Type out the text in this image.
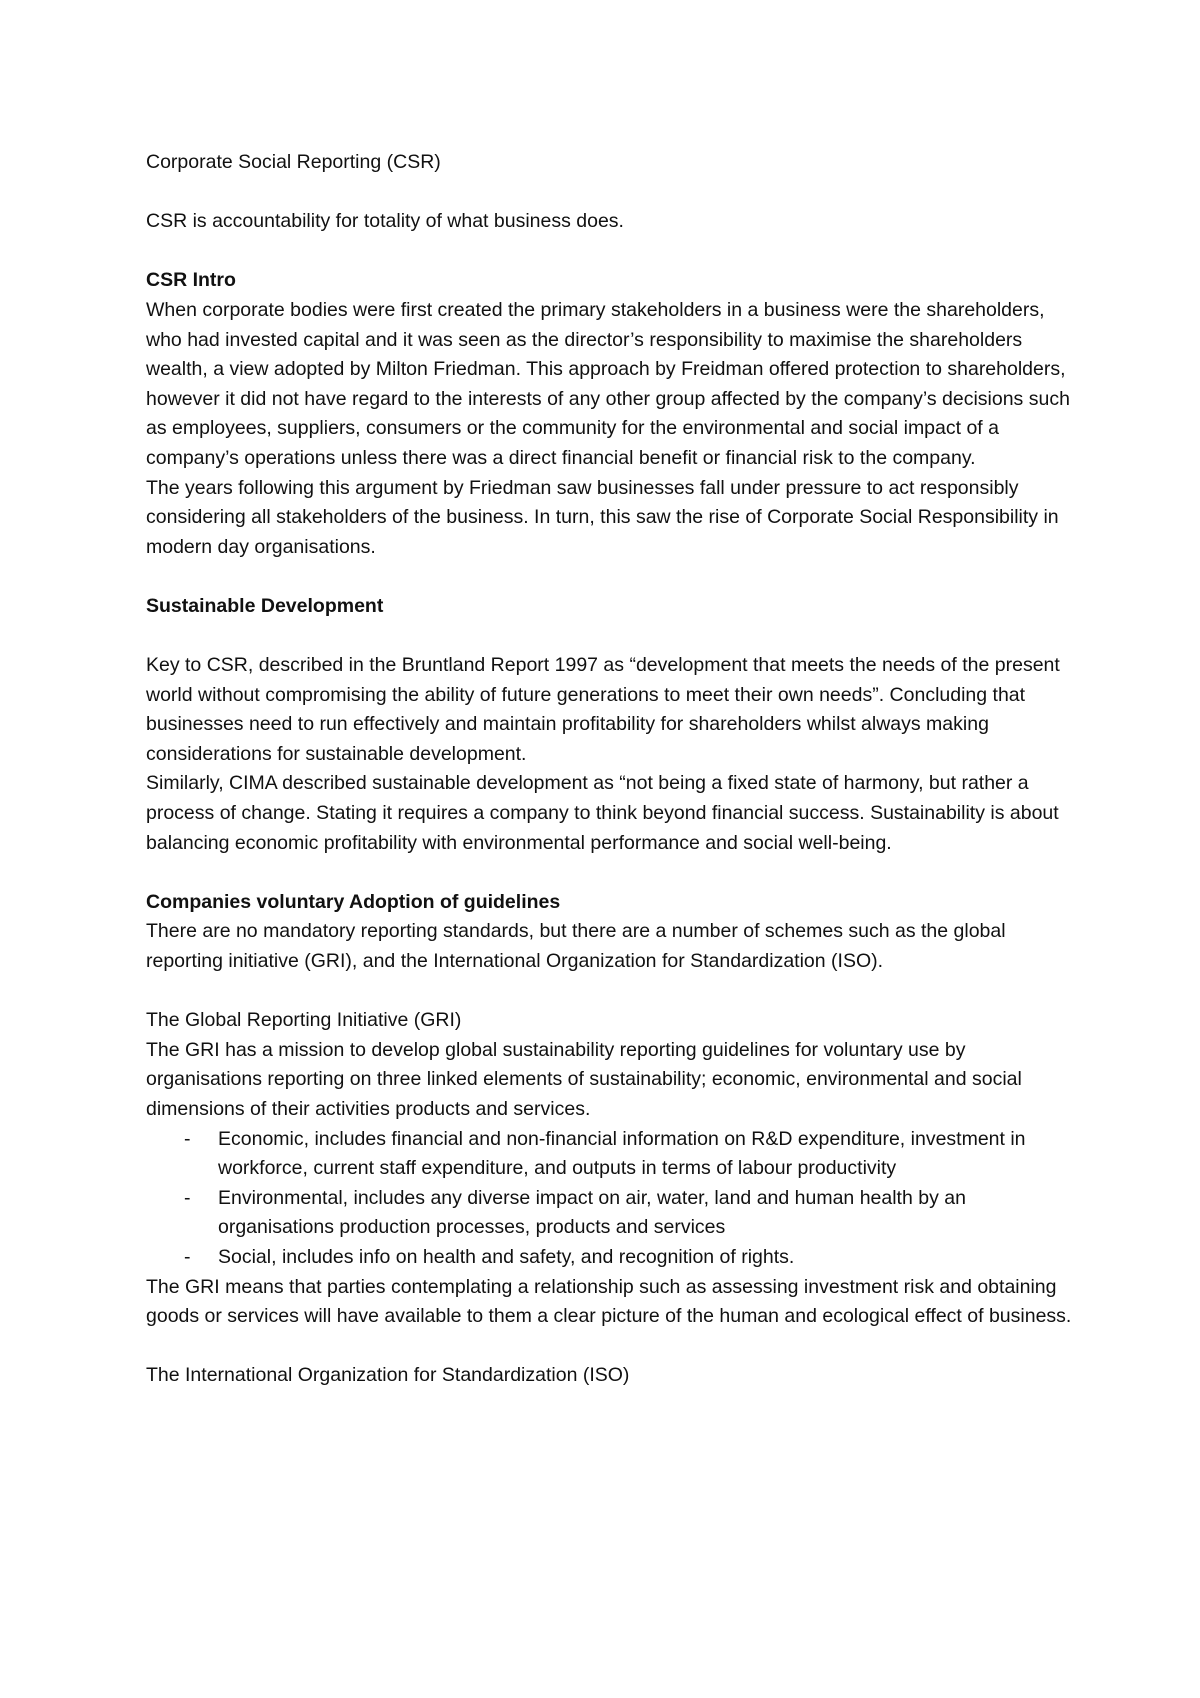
Corporate Social Reporting (CSR)

CSR is accountability for totality of what business does.

CSR Intro

When corporate bodies were first created the primary stakeholders in a business were the shareholders, who had invested capital and it was seen as the director’s responsibility to maximise the shareholders wealth, a view adopted by Milton Friedman. This approach by Freidman offered protection to shareholders, however it did not have regard to the interests of any other group affected by the company’s decisions such as employees, suppliers, consumers or the community for the environmental and social impact of a company’s operations unless there was a direct financial benefit or financial risk to the company.

The years following this argument by Friedman saw businesses fall under pressure to act responsibly considering all stakeholders of the business. In turn, this saw the rise of Corporate Social Responsibility in modern day organisations.

Sustainable Development

Key to CSR, described in the Bruntland Report 1997 as “development that meets the needs of the present world without compromising the ability of future generations to meet their own needs”. Concluding that businesses need to run effectively and maintain profitability for shareholders whilst always making considerations for sustainable development.

Similarly, CIMA described sustainable development as “not being a fixed state of harmony, but rather a process of change. Stating it requires a company to think beyond financial success. Sustainability is about balancing economic profitability with environmental performance and social well-being.

Companies voluntary Adoption of guidelines

There are no mandatory reporting standards, but there are a number of schemes such as the global reporting initiative (GRI), and the International Organization for Standardization (ISO).

The Global Reporting Initiative (GRI)

The GRI has a mission to develop global sustainability reporting guidelines for voluntary use by organisations reporting on three linked elements of sustainability; economic, environmental and social dimensions of their activities products and services.

- Economic, includes financial and non-financial information on R&D expenditure, investment in workforce, current staff expenditure, and outputs in terms of labour productivity
- Environmental, includes any diverse impact on air, water, land and human health by an organisations production processes, products and services
- Social, includes info on health and safety, and recognition of rights.

The GRI means that parties contemplating a relationship such as assessing investment risk and obtaining goods or services will have available to them a clear picture of the human and ecological effect of business.

The International Organization for Standardization (ISO)
